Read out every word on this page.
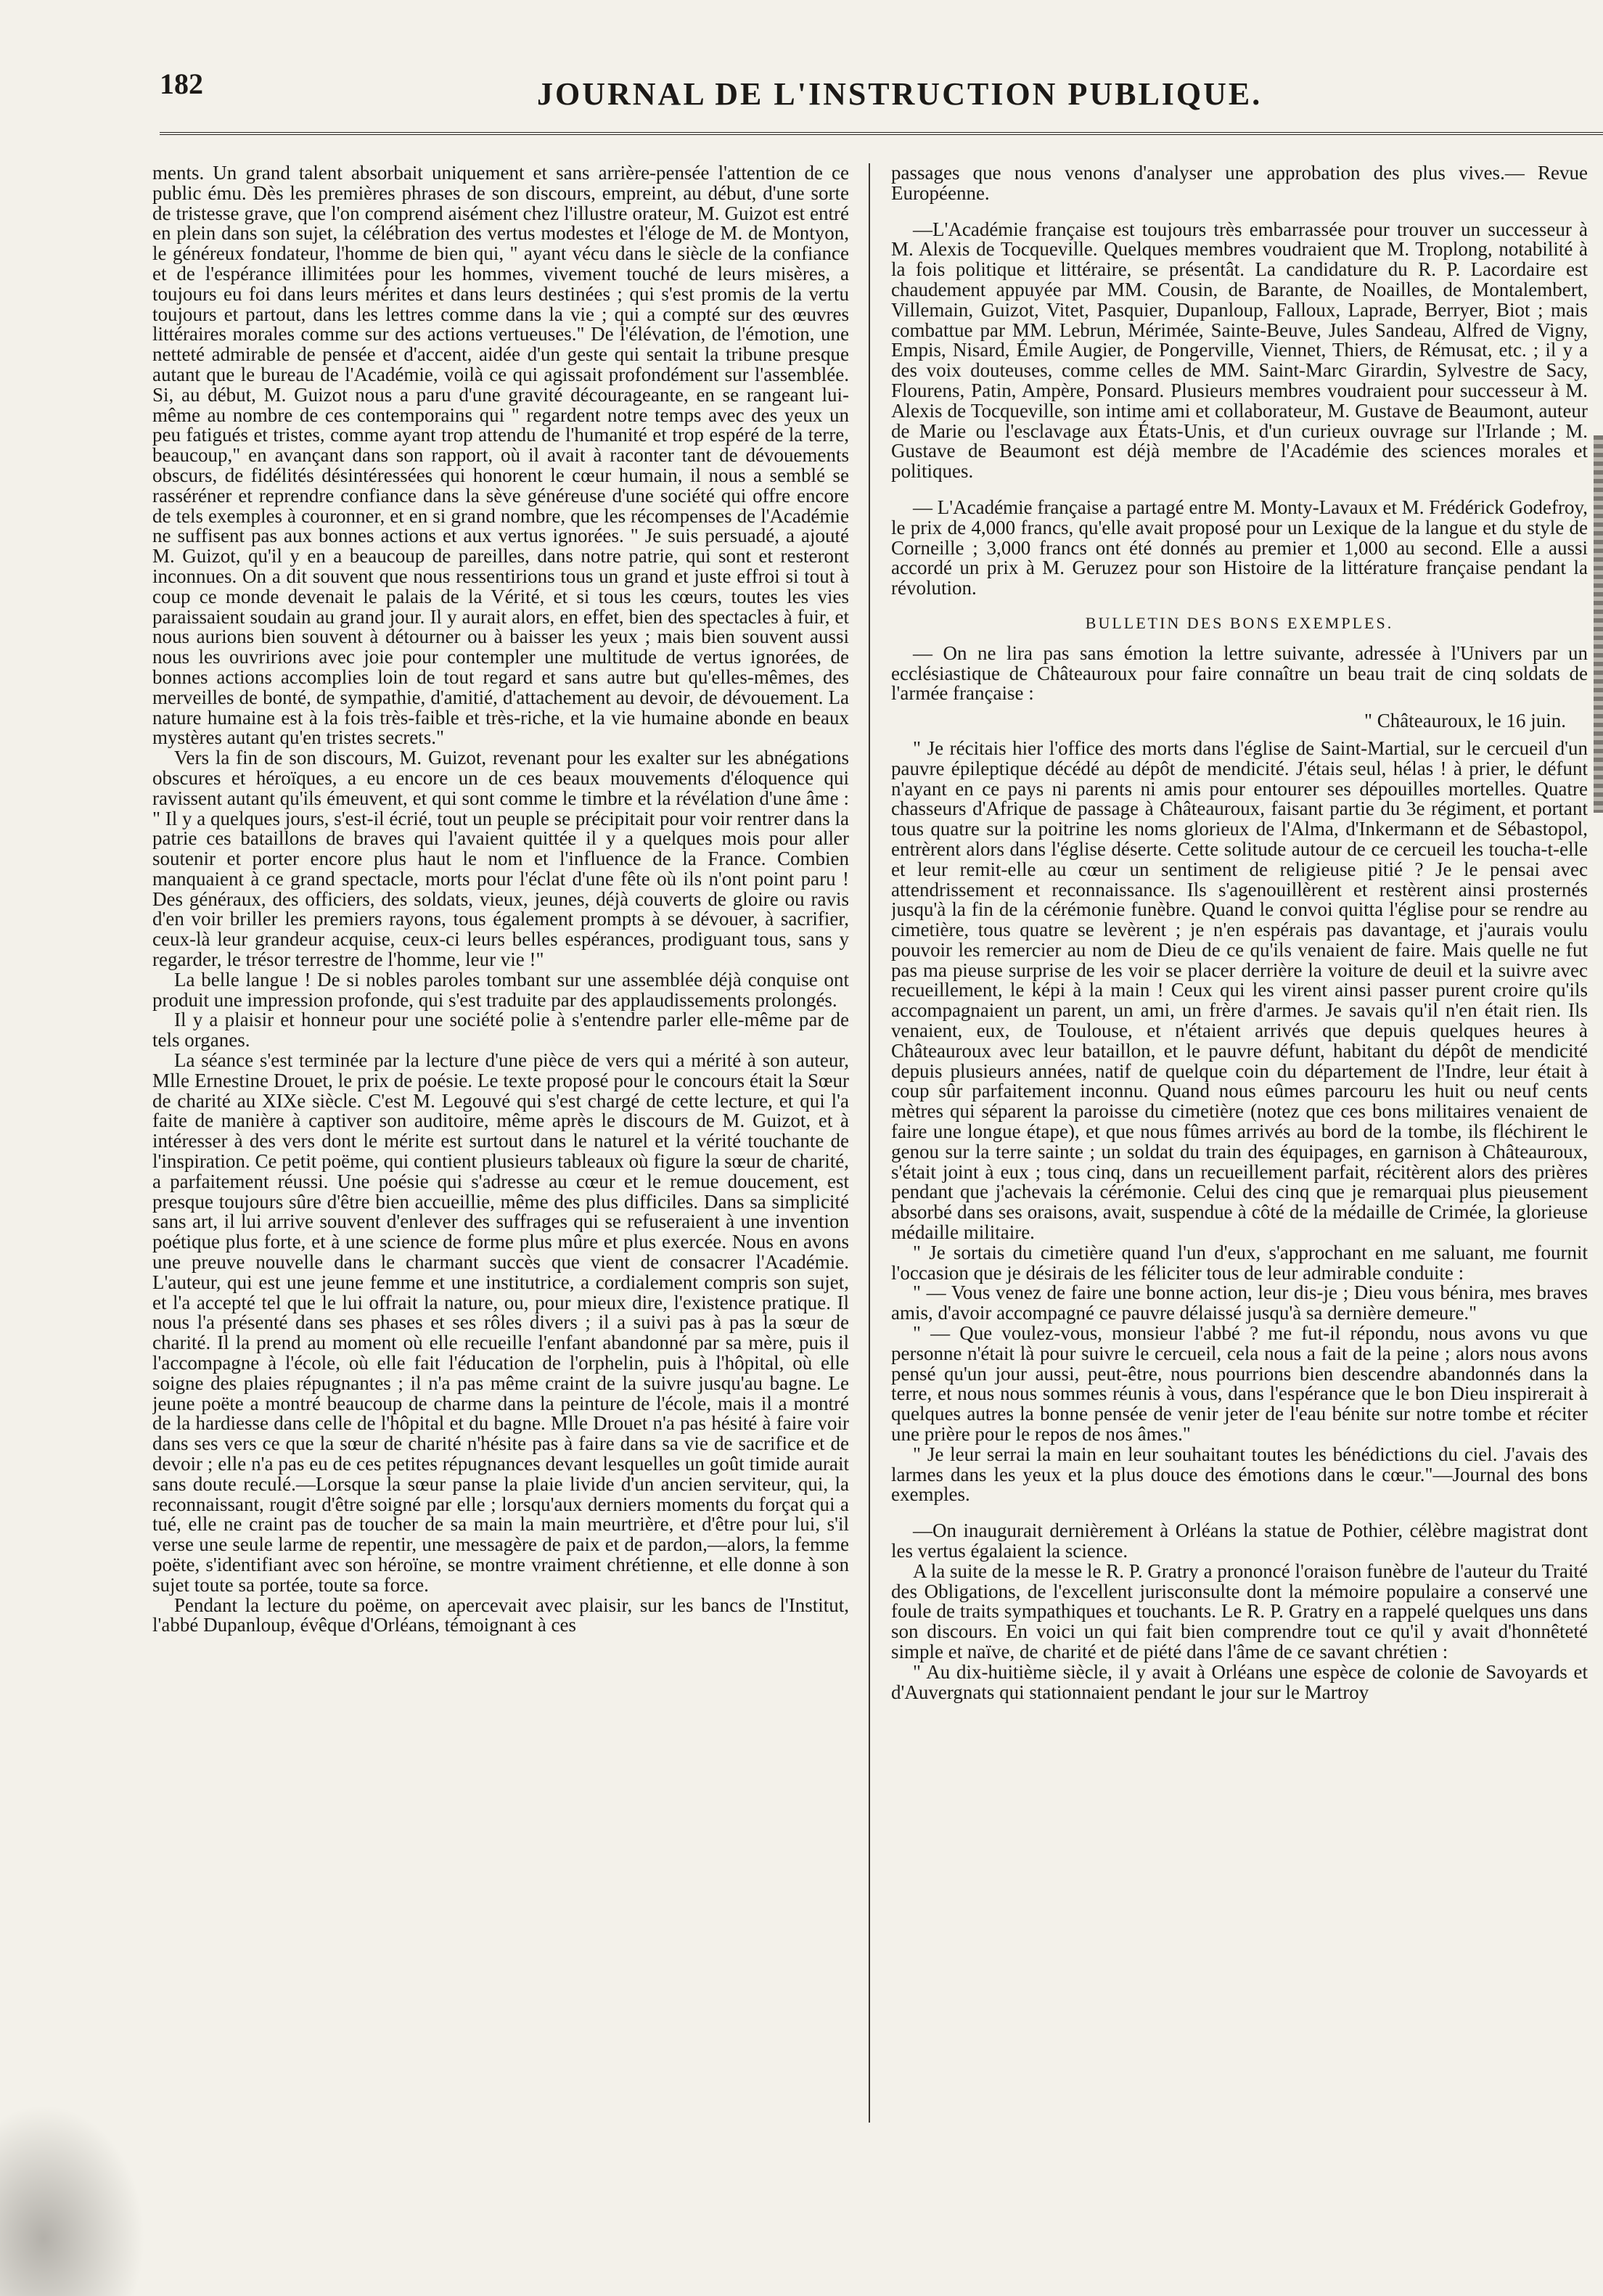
182	JOURNAL DE L'INSTRUCTION PUBLIQUE.

ments. Un grand talent absorbait uniquement et sans arrière-pensée l'attention de ce public ému. Dès les premières phrases de son discours, empreint, au début, d'une sorte de tristesse grave, que l'on comprend aisément chez l'illustre orateur, M. Guizot est entré en plein dans son sujet, la célébration des vertus modestes et l'éloge de M. de Montyon, le généreux fondateur, l'homme de bien qui, " ayant vécu dans le siècle de la confiance et de l'espérance illimitées pour les hommes, vivement touché de leurs misères, a toujours eu foi dans leurs mérites et dans leurs destinées ; qui s'est promis de la vertu toujours et partout, dans les lettres comme dans la vie ; qui a compté sur des œuvres littéraires morales comme sur des actions vertueuses." De l'élévation, de l'émotion, une netteté admirable de pensée et d'accent, aidée d'un geste qui sentait la tribune presque autant que le bureau de l'Académie, voilà ce qui agissait profondément sur l'assemblée. Si, au début, M. Guizot nous a paru d'une gravité décourageante, en se rangeant lui-même au nombre de ces contemporains qui " regardent notre temps avec des yeux un peu fatigués et tristes, comme ayant trop attendu de l'humanité et trop espéré de la terre, beaucoup," en avançant dans son rapport, où il avait à raconter tant de dévouements obscurs, de fidélités désintéressées qui honorent le cœur humain, il nous a semblé se rasséréner et reprendre confiance dans la sève généreuse d'une société qui offre encore de tels exemples à couronner, et en si grand nombre, que les récompenses de l'Académie ne suffisent pas aux bonnes actions et aux vertus ignorées. " Je suis persuadé, a ajouté M. Guizot, qu'il y en a beaucoup de pareilles, dans notre patrie, qui sont et resteront inconnues. On a dit souvent que nous ressentirions tous un grand et juste effroi si tout à coup ce monde devenait le palais de la Vérité, et si tous les cœurs, toutes les vies paraissaient soudain au grand jour. Il y aurait alors, en effet, bien des spectacles à fuir, et nous aurions bien souvent à détourner ou à baisser les yeux ; mais bien souvent aussi nous les ouvririons avec joie pour contempler une multitude de vertus ignorées, de bonnes actions accomplies loin de tout regard et sans autre but qu'elles-mêmes, des merveilles de bonté, de sympathie, d'amitié, d'attachement au devoir, de dévouement. La nature humaine est à la fois très-faible et très-riche, et la vie humaine abonde en beaux mystères autant qu'en tristes secrets."

Vers la fin de son discours, M. Guizot, revenant pour les exalter sur les abnégations obscures et héroïques, a eu encore un de ces beaux mouvements d'éloquence qui ravissent autant qu'ils émeuvent, et qui sont comme le timbre et la révélation d'une âme : " Il y a quelques jours, s'est-il écrié, tout un peuple se précipitait pour voir rentrer dans la patrie ces bataillons de braves qui l'avaient quittée il y a quelques mois pour aller soutenir et porter encore plus haut le nom et l'influence de la France. Combien manquaient à ce grand spectacle, morts pour l'éclat d'une fête où ils n'ont point paru ! Des généraux, des officiers, des soldats, vieux, jeunes, déjà couverts de gloire ou ravis d'en voir briller les premiers rayons, tous également prompts à se dévouer, à sacrifier, ceux-là leur grandeur acquise, ceux-ci leurs belles espérances, prodiguant tous, sans y regarder, le trésor terrestre de l'homme, leur vie !"

La belle langue ! De si nobles paroles tombant sur une assemblée déjà conquise ont produit une impression profonde, qui s'est traduite par des applaudissements prolongés.

Il y a plaisir et honneur pour une société polie à s'entendre parler elle-même par de tels organes.

La séance s'est terminée par la lecture d'une pièce de vers qui a mérité à son auteur, Mlle Ernestine Drouet, le prix de poésie. Le texte proposé pour le concours était la Sœur de charité au XIXe siècle. C'est M. Legouvé qui s'est chargé de cette lecture, et qui l'a faite de manière à captiver son auditoire, même après le discours de M. Guizot, et à intéresser à des vers dont le mérite est surtout dans le naturel et la vérité touchante de l'inspiration. Ce petit poëme, qui contient plusieurs tableaux où figure la sœur de charité, a parfaitement réussi. Une poésie qui s'adresse au cœur et le remue doucement, est presque toujours sûre d'être bien accueillie, même des plus difficiles. Dans sa simplicité sans art, il lui arrive souvent d'enlever des suffrages qui se refuseraient à une invention poétique plus forte, et à une science de forme plus mûre et plus exercée. Nous en avons une preuve nouvelle dans le charmant succès que vient de consacrer l'Académie. L'auteur, qui est une jeune femme et une institutrice, a cordialement compris son sujet, et l'a accepté tel que le lui offrait la nature, ou, pour mieux dire, l'existence pratique. Il nous l'a présenté dans ses phases et ses rôles divers ; il a suivi pas à pas la sœur de charité. Il la prend au moment où elle recueille l'enfant abandonné par sa mère, puis il l'accompagne à l'école, où elle fait l'éducation de l'orphelin, puis à l'hôpital, où elle soigne des plaies répugnantes ; il n'a pas même craint de la suivre jusqu'au bagne. Le jeune poëte a montré beaucoup de charme dans la peinture de l'école, mais il a montré de la hardiesse dans celle de l'hôpital et du bagne. Mlle Drouet n'a pas hésité à faire voir dans ses vers ce que la sœur de charité n'hésite pas à faire dans sa vie de sacrifice et de devoir ; elle n'a pas eu de ces petites répugnances devant lesquelles un goût timide aurait sans doute reculé.—Lorsque la sœur panse la plaie livide d'un ancien serviteur, qui, la reconnaissant, rougit d'être soigné par elle ; lorsqu'aux derniers moments du forçat qui a tué, elle ne craint pas de toucher de sa main la main meurtrière, et d'être pour lui, s'il verse une seule larme de repentir, une messagère de paix et de pardon,—alors, la femme poëte, s'identifiant avec son héroïne, se montre vraiment chrétienne, et elle donne à son sujet toute sa portée, toute sa force.

Pendant la lecture du poëme, on apercevait avec plaisir, sur les bancs de l'Institut, l'abbé Dupanloup, évêque d'Orléans, témoignant à ces

passages que nous venons d'analyser une approbation des plus vives.— Revue Européenne.

—L'Académie française est toujours très embarrassée pour trouver un successeur à M. Alexis de Tocqueville. Quelques membres voudraient que M. Troplong, notabilité à la fois politique et littéraire, se présentât. La candidature du R. P. Lacordaire est chaudement appuyée par MM. Cousin, de Barante, de Noailles, de Montalembert, Villemain, Guizot, Vitet, Pasquier, Dupanloup, Falloux, Laprade, Berryer, Biot ; mais combattue par MM. Lebrun, Mérimée, Sainte-Beuve, Jules Sandeau, Alfred de Vigny, Empis, Nisard, Émile Augier, de Pongerville, Viennet, Thiers, de Rémusat, etc. ; il y a des voix douteuses, comme celles de MM. Saint-Marc Girardin, Sylvestre de Sacy, Flourens, Patin, Ampère, Ponsard. Plusieurs membres voudraient pour successeur à M. Alexis de Tocqueville, son intime ami et collaborateur, M. Gustave de Beaumont, auteur de Marie ou l'esclavage aux États-Unis, et d'un curieux ouvrage sur l'Irlande ; M. Gustave de Beaumont est déjà membre de l'Académie des sciences morales et politiques.

— L'Académie française a partagé entre M. Monty-Lavaux et M. Frédérick Godefroy, le prix de 4,000 francs, qu'elle avait proposé pour un Lexique de la langue et du style de Corneille ; 3,000 francs ont été donnés au premier et 1,000 au second. Elle a aussi accordé un prix à M. Geruzez pour son Histoire de la littérature française pendant la révolution.

BULLETIN DES BONS EXEMPLES.

— On ne lira pas sans émotion la lettre suivante, adressée à l'Univers par un ecclésiastique de Châteauroux pour faire connaître un beau trait de cinq soldats de l'armée française :

" Châteauroux, le 16 juin.

" Je récitais hier l'office des morts dans l'église de Saint-Martial, sur le cercueil d'un pauvre épileptique décédé au dépôt de mendicité. J'étais seul, hélas ! à prier, le défunt n'ayant en ce pays ni parents ni amis pour entourer ses dépouilles mortelles. Quatre chasseurs d'Afrique de passage à Châteauroux, faisant partie du 3e régiment, et portant tous quatre sur la poitrine les noms glorieux de l'Alma, d'Inkermann et de Sébastopol, entrèrent alors dans l'église déserte. Cette solitude autour de ce cercueil les toucha-t-elle et leur remit-elle au cœur un sentiment de religieuse pitié ? Je le pensai avec attendrissement et reconnaissance. Ils s'agenouillèrent et restèrent ainsi prosternés jusqu'à la fin de la cérémonie funèbre. Quand le convoi quitta l'église pour se rendre au cimetière, tous quatre se levèrent ; je n'en espérais pas davantage, et j'aurais voulu pouvoir les remercier au nom de Dieu de ce qu'ils venaient de faire. Mais quelle ne fut pas ma pieuse surprise de les voir se placer derrière la voiture de deuil et la suivre avec recueillement, le képi à la main ! Ceux qui les virent ainsi passer purent croire qu'ils accompagnaient un parent, un ami, un frère d'armes. Je savais qu'il n'en était rien. Ils venaient, eux, de Toulouse, et n'étaient arrivés que depuis quelques heures à Châteauroux avec leur bataillon, et le pauvre défunt, habitant du dépôt de mendicité depuis plusieurs années, natif de quelque coin du département de l'Indre, leur était à coup sûr parfaitement inconnu. Quand nous eûmes parcouru les huit ou neuf cents mètres qui séparent la paroisse du cimetière (notez que ces bons militaires venaient de faire une longue étape), et que nous fûmes arrivés au bord de la tombe, ils fléchirent le genou sur la terre sainte ; un soldat du train des équipages, en garnison à Châteauroux, s'était joint à eux ; tous cinq, dans un recueillement parfait, récitèrent alors des prières pendant que j'achevais la cérémonie. Celui des cinq que je remarquai plus pieusement absorbé dans ses oraisons, avait, suspendue à côté de la médaille de Crimée, la glorieuse médaille militaire.

" Je sortais du cimetière quand l'un d'eux, s'approchant en me saluant, me fournit l'occasion que je désirais de les féliciter tous de leur admirable conduite :

" — Vous venez de faire une bonne action, leur dis-je ; Dieu vous bénira, mes braves amis, d'avoir accompagné ce pauvre délaissé jusqu'à sa dernière demeure."

" — Que voulez-vous, monsieur l'abbé ? me fut-il répondu, nous avons vu que personne n'était là pour suivre le cercueil, cela nous a fait de la peine ; alors nous avons pensé qu'un jour aussi, peut-être, nous pourrions bien descendre abandonnés dans la terre, et nous nous sommes réunis à vous, dans l'espérance que le bon Dieu inspirerait à quelques autres la bonne pensée de venir jeter de l'eau bénite sur notre tombe et réciter une prière pour le repos de nos âmes."

" Je leur serrai la main en leur souhaitant toutes les bénédictions du ciel. J'avais des larmes dans les yeux et la plus douce des émotions dans le cœur."—Journal des bons exemples.

—On inaugurait dernièrement à Orléans la statue de Pothier, célèbre magistrat dont les vertus égalaient la science.

A la suite de la messe le R. P. Gratry a prononcé l'oraison funèbre de l'auteur du Traité des Obligations, de l'excellent jurisconsulte dont la mémoire populaire a conservé une foule de traits sympathiques et touchants. Le R. P. Gratry en a rappelé quelques uns dans son discours. En voici un qui fait bien comprendre tout ce qu'il y avait d'honnêteté simple et naïve, de charité et de piété dans l'âme de ce savant chrétien :

" Au dix-huitième siècle, il y avait à Orléans une espèce de colonie de Savoyards et d'Auvergnats qui stationnaient pendant le jour sur le Martroy
